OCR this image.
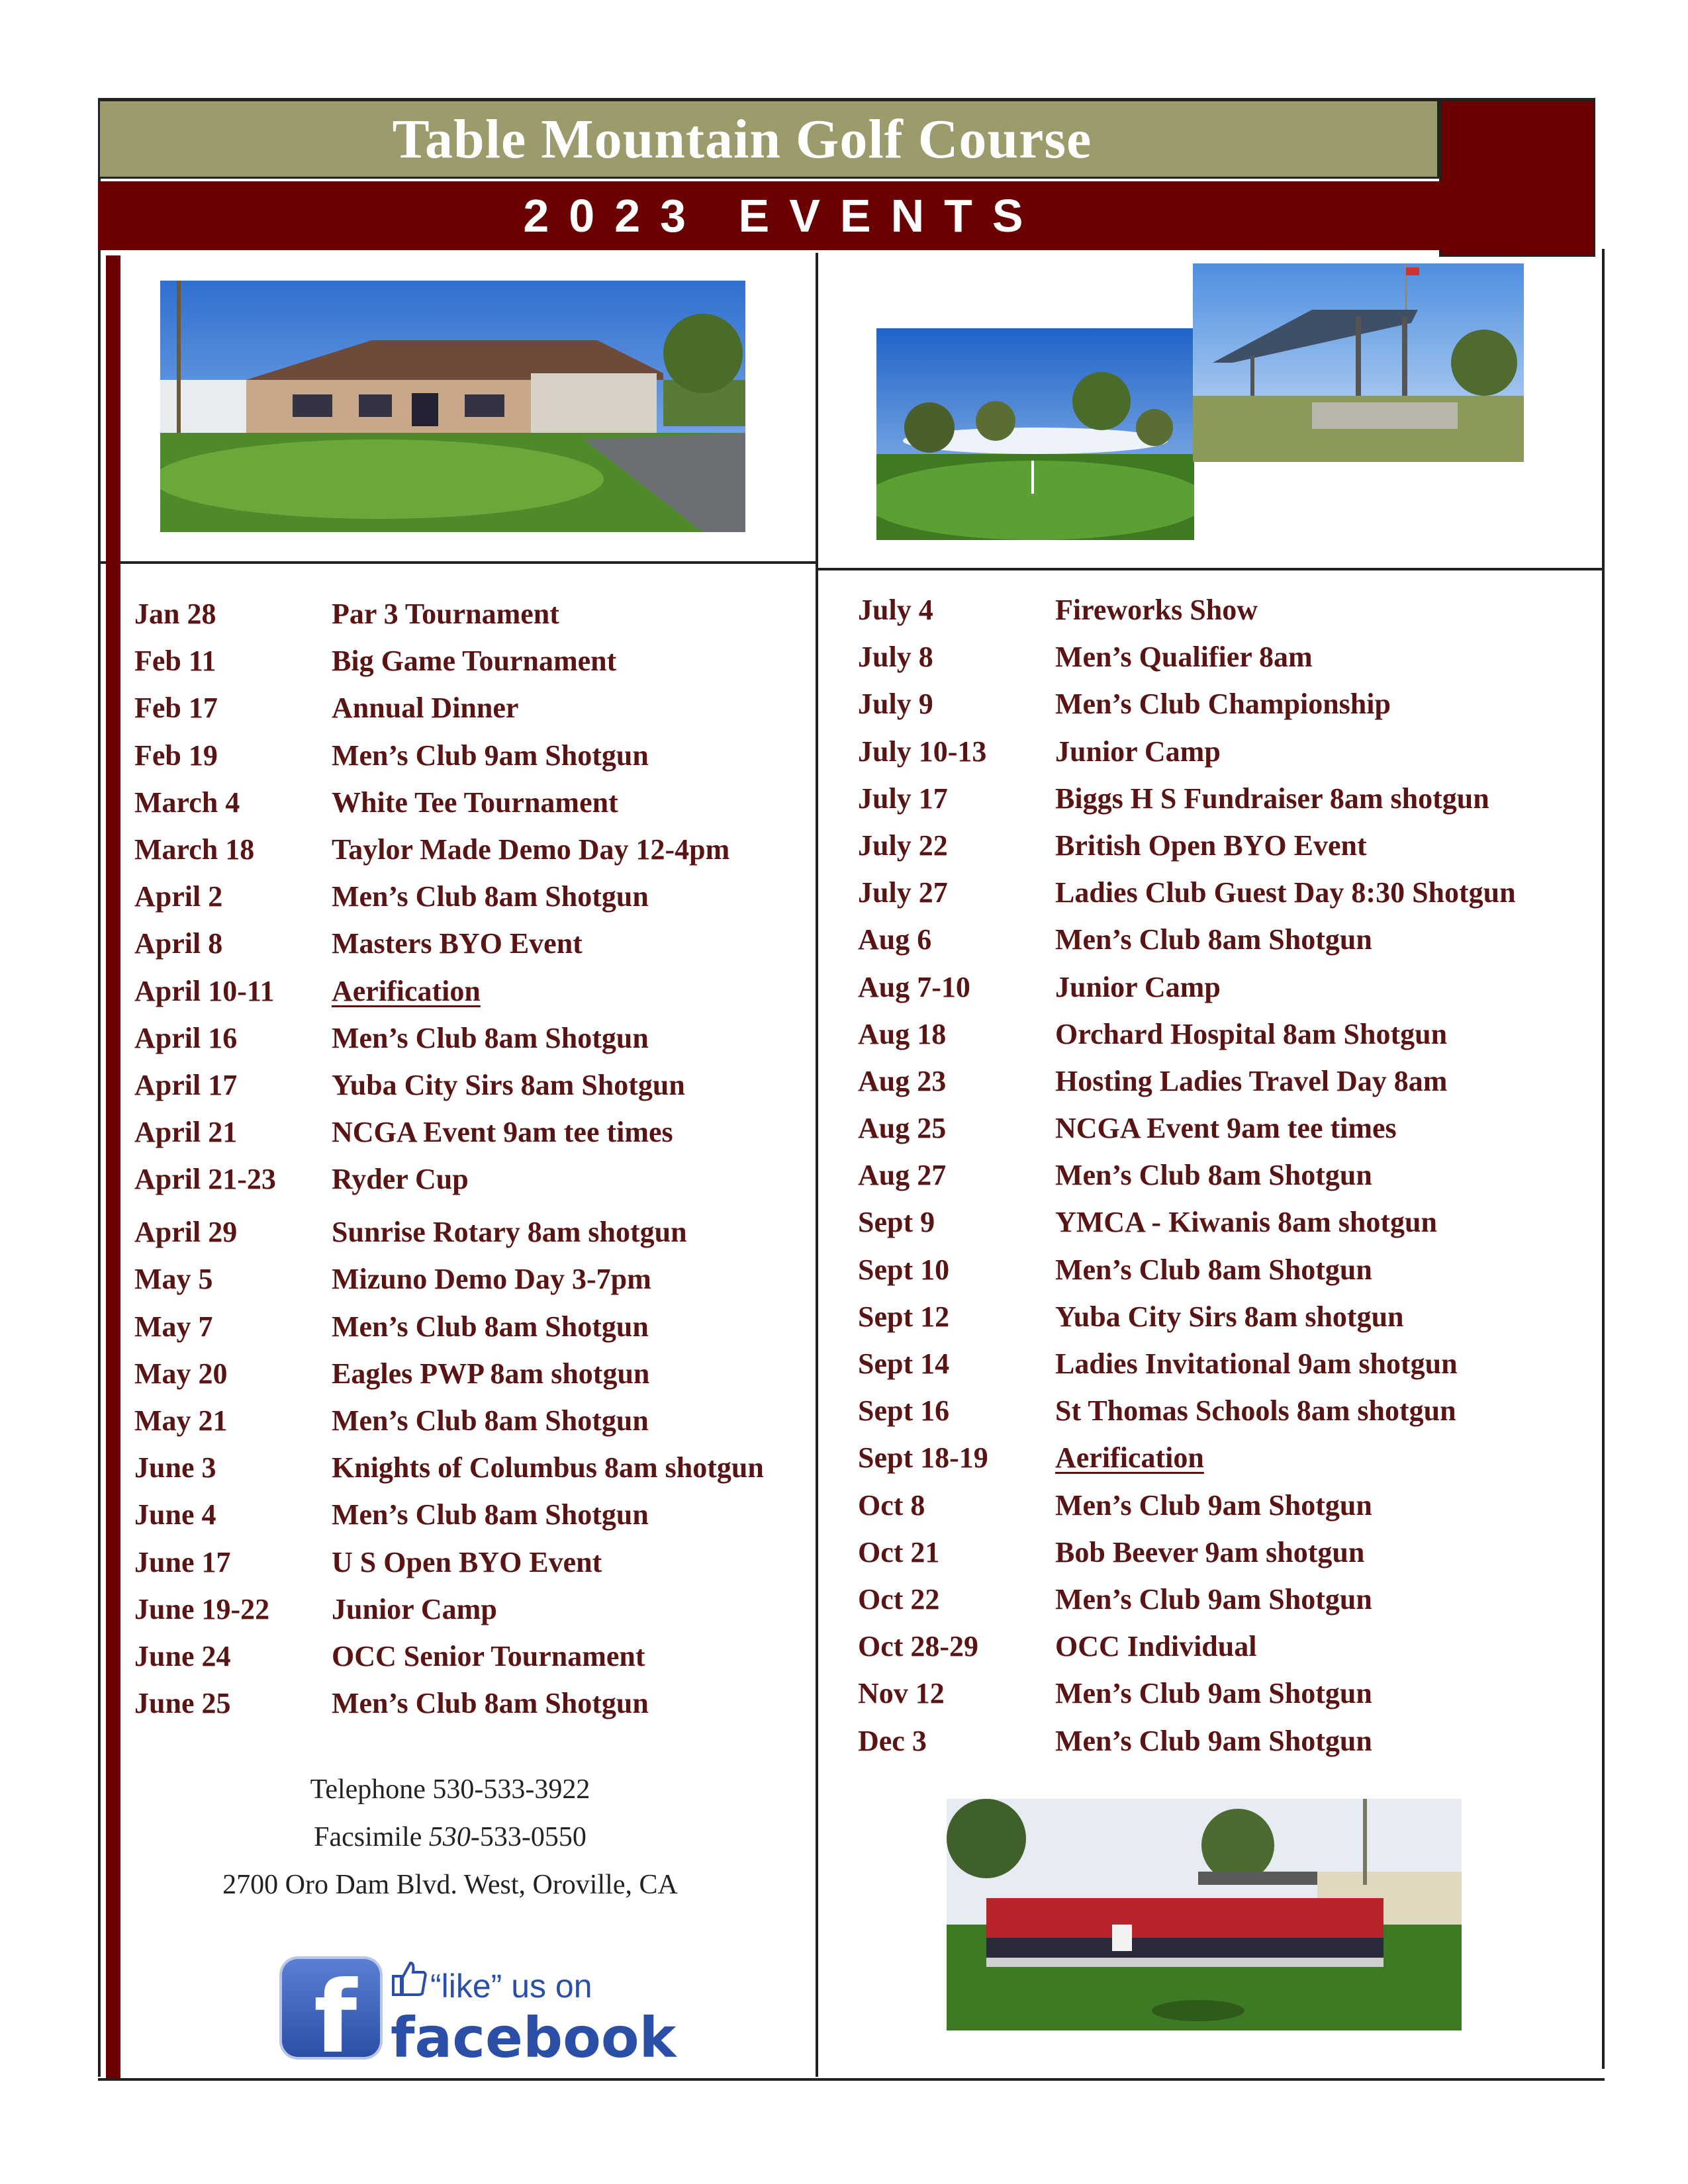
Table Mountain Golf Course
2023 EVENTS
Jan 28	Par 3 Tournament
Feb 11	Big Game Tournament
Feb 17	Annual Dinner
Feb 19	Men’s Club 9am Shotgun
March 4	White Tee Tournament
March 18	Taylor Made Demo Day 12-4pm
April 2	Men’s Club 8am Shotgun
April 8	Masters BYO Event
April 10-11 Aerification
April 16	Men’s Club 8am Shotgun
April 17	Yuba City Sirs 8am Shotgun
April 21	NCGA Event 9am tee times
April 21-23 Ryder Cup
April 29	Sunrise Rotary 8am shotgun
May 5	Mizuno Demo Day 3-7pm
May 7	Men’s Club 8am Shotgun
May 20	Eagles PWP 8am shotgun
May 21	Men’s Club 8am Shotgun
June 3	Knights of Columbus 8am shotgun
June 4	Men’s Club 8am Shotgun
June 17	U S Open BYO Event
June 19-22 Junior Camp
June 24	OCC Senior Tournament
June 25	Men’s Club 8am Shotgun
July 4	Fireworks Show
July 8	Men’s Qualifier 8am
July 9	Men’s Club Championship
July 10-13 Junior Camp
July 17	Biggs H S Fundraiser 8am shotgun
July 22	British Open BYO Event
July 27	Ladies Club Guest Day 8:30 Shotgun
Aug 6	Men’s Club 8am Shotgun
Aug 7-10	Junior Camp
Aug 18	Orchard Hospital 8am Shotgun
Aug 23	Hosting Ladies Travel Day 8am
Aug 25	NCGA Event 9am tee times
Aug 27	Men’s Club 8am Shotgun
Sept 9	YMCA - Kiwanis 8am shotgun
Sept 10	Men’s Club 8am Shotgun
Sept 12	Yuba City Sirs 8am shotgun
Sept 14	Ladies Invitational 9am shotgun
Sept 16	St Thomas Schools 8am shotgun
Sept 18-19 Aerification
Oct 8	Men’s Club 9am Shotgun
Oct 21	Bob Beever 9am shotgun
Oct 22	Men’s Club 9am Shotgun
Oct 28-29	OCC Individual
Nov 12	Men’s Club 9am Shotgun
Dec 3	Men’s Club 9am Shotgun
Telephone 530-533-3922
Facsimile 530-533-0550
2700 Oro Dam Blvd. West, Oroville, CA
f “like” us on
facebook
